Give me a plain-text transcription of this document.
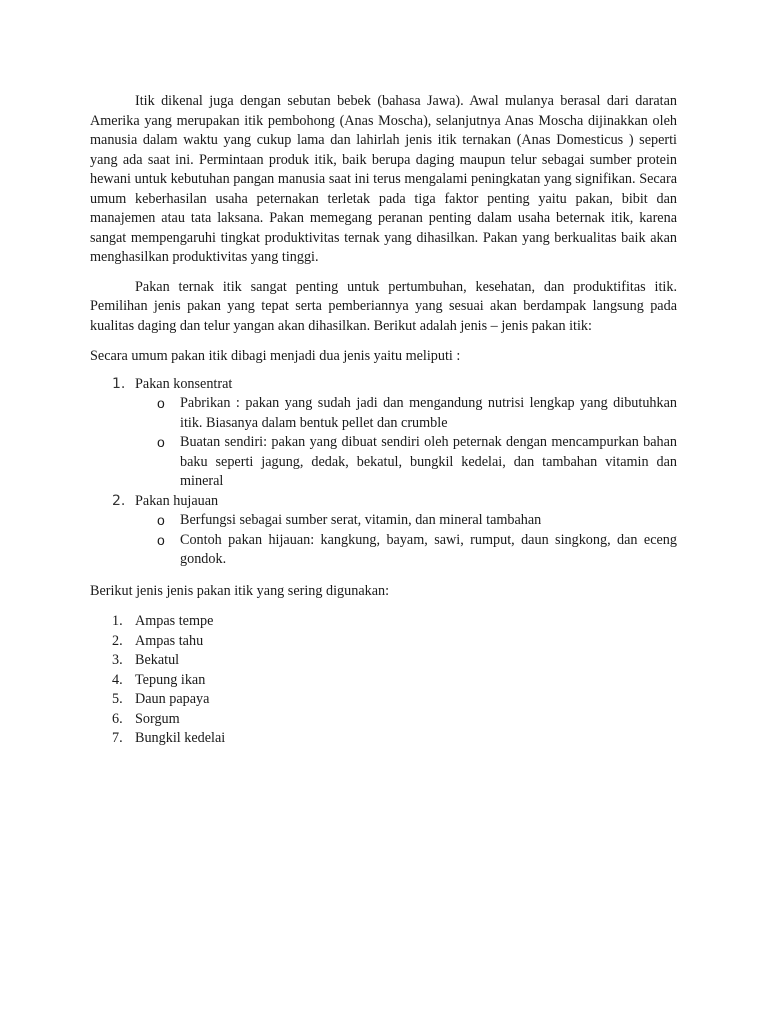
Itik dikenal juga dengan sebutan bebek (bahasa Jawa). Awal mulanya berasal dari daratan Amerika yang merupakan itik pembohong (Anas Moscha), selanjutnya Anas Moscha dijinakkan oleh manusia dalam waktu yang cukup lama dan lahirlah jenis itik ternakan (Anas Domesticus ) seperti yang ada saat ini. Permintaan produk itik, baik berupa daging maupun telur sebagai sumber protein hewani untuk kebutuhan pangan manusia saat ini terus mengalami peningkatan yang signifikan. Secara umum keberhasilan usaha peternakan terletak pada tiga faktor penting yaitu pakan, bibit dan manajemen atau tata laksana. Pakan memegang peranan penting dalam usaha beternak itik, karena sangat mempengaruhi tingkat produktivitas ternak yang dihasilkan. Pakan yang berkualitas baik akan menghasilkan produktivitas yang tinggi.

Pakan ternak itik sangat penting untuk pertumbuhan, kesehatan, dan produktifitas itik. Pemilihan jenis pakan yang tepat serta pemberiannya yang sesuai akan berdampak langsung pada kualitas daging dan telur yangan akan dihasilkan. Berikut adalah jenis – jenis pakan itik:

Secara umum pakan itik dibagi menjadi dua jenis yaitu meliputi :

1. Pakan konsentrat
o Pabrikan : pakan yang sudah jadi dan mengandung nutrisi lengkap yang dibutuhkan itik. Biasanya dalam bentuk pellet dan crumble
o Buatan sendiri: pakan yang dibuat sendiri oleh peternak dengan mencampurkan bahan baku seperti jagung, dedak, bekatul, bungkil kedelai, dan tambahan vitamin dan mineral
2. Pakan hujauan
o Berfungsi sebagai sumber serat, vitamin, dan mineral tambahan
o Contoh pakan hijauan: kangkung, bayam, sawi, rumput, daun singkong, dan eceng gondok.

Berikut jenis jenis pakan itik yang sering digunakan:

1. Ampas tempe
2. Ampas tahu
3. Bekatul
4. Tepung ikan
5. Daun papaya
6. Sorgum
7. Bungkil kedelai
